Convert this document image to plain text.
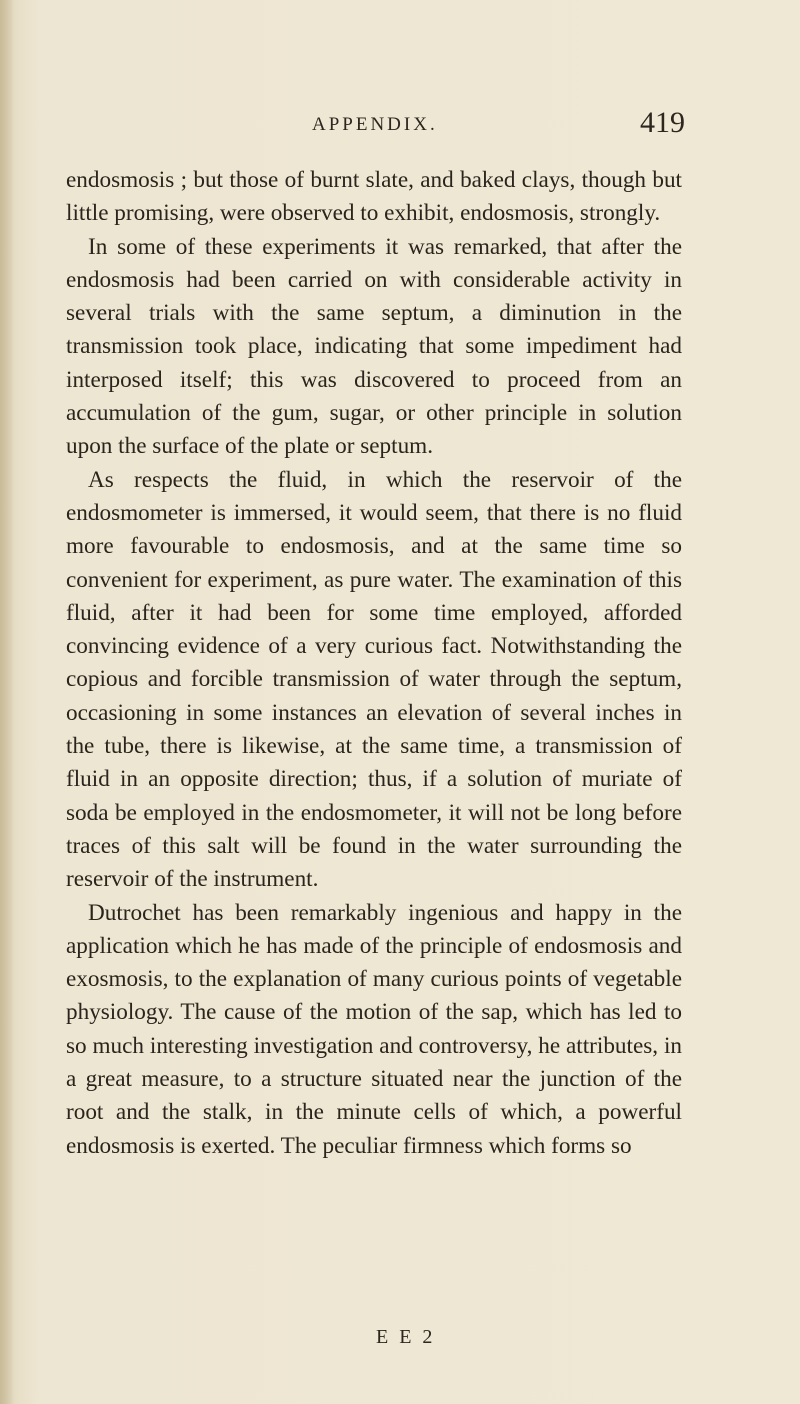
APPENDIX.	419

endosmosis ; but those of burnt slate, and baked clays, though but little promising, were observed to exhibit, endosmosis, strongly.

In some of these experiments it was remarked, that after the endosmosis had been carried on with considerable activity in several trials with the same septum, a diminution in the transmission took place, indicating that some impediment had interposed itself; this was discovered to proceed from an accumulation of the gum, sugar, or other principle in solution upon the surface of the plate or septum.

As respects the fluid, in which the reservoir of the endosmometer is immersed, it would seem, that there is no fluid more favourable to endosmosis, and at the same time so convenient for experiment, as pure water. The examination of this fluid, after it had been for some time employed, afforded convincing evidence of a very curious fact. Notwithstanding the copious and forcible transmission of water through the septum, occasioning in some instances an elevation of several inches in the tube, there is likewise, at the same time, a transmission of fluid in an opposite direction; thus, if a solution of muriate of soda be employed in the endosmometer, it will not be long before traces of this salt will be found in the water surrounding the reservoir of the instrument.

Dutrochet has been remarkably ingenious and happy in the application which he has made of the principle of endosmosis and exosmosis, to the explanation of many curious points of vegetable physiology. The cause of the motion of the sap, which has led to so much interesting investigation and controversy, he attributes, in a great measure, to a structure situated near the junction of the root and the stalk, in the minute cells of which, a powerful endosmosis is exerted. The peculiar firmness which forms so

E E 2
